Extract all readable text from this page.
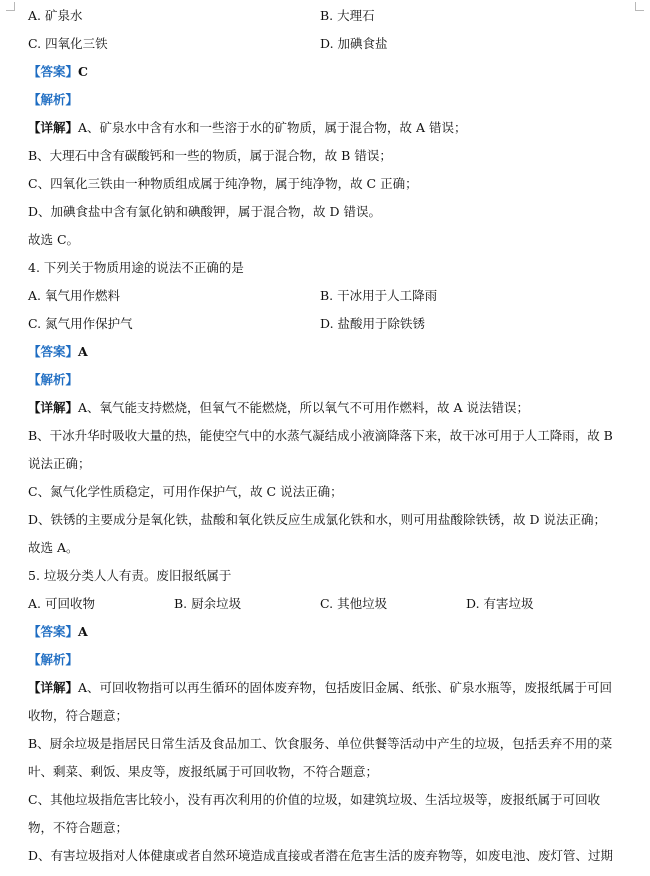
A. 矿泉水	B. 大理石
C. 四氧化三铁	D. 加碘食盐
【答案】C
【解析】
【详解】A、矿泉水中含有水和一些溶于水的矿物质，属于混合物，故 A 错误；
B、大理石中含有碳酸钙和一些的物质，属于混合物，故 B 错误；
C、四氧化三铁由一种物质组成属于纯净物，属于纯净物，故 C 正确；
D、加碘食盐中含有氯化钠和碘酸钾，属于混合物，故 D 错误。
故选 C。
4. 下列关于物质用途的说法不正确的是
A. 氧气用作燃料	B. 干冰用于人工降雨
C. 氮气用作保护气	D. 盐酸用于除铁锈
【答案】A
【解析】
【详解】A、氧气能支持燃烧，但氧气不能燃烧，所以氧气不可用作燃料，故 A 说法错误；
B、干冰升华时吸收大量的热，能使空气中的水蒸气凝结成小液滴降落下来，故干冰可用于人工降雨，故 B 说法正确；
C、氮气化学性质稳定，可用作保护气，故 C 说法正确；
D、铁锈的主要成分是氧化铁，盐酸和氧化铁反应生成氯化铁和水，则可用盐酸除铁锈，故 D 说法正确；
故选 A。
5. 垃圾分类人人有责。废旧报纸属于
A. 可回收物	B. 厨余垃圾	C. 其他垃圾	D. 有害垃圾
【答案】A
【解析】
【详解】A、可回收物指可以再生循环的固体废弃物，包括废旧金属、纸张、矿泉水瓶等，废报纸属于可回收物，符合题意；
B、厨余垃圾是指居民日常生活及食品加工、饮食服务、单位供餐等活动中产生的垃圾，包括丢弃不用的菜叶、剩菜、剩饭、果皮等，废报纸属于可回收物，不符合题意；
C、其他垃圾指危害比较小，没有再次利用的价值的垃圾，如建筑垃圾、生活垃圾等，废报纸属于可回收物，不符合题意；
D、有害垃圾指对人体健康或者自然环境造成直接或者潜在危害生活的废弃物等，如废电池、废灯管、过期
